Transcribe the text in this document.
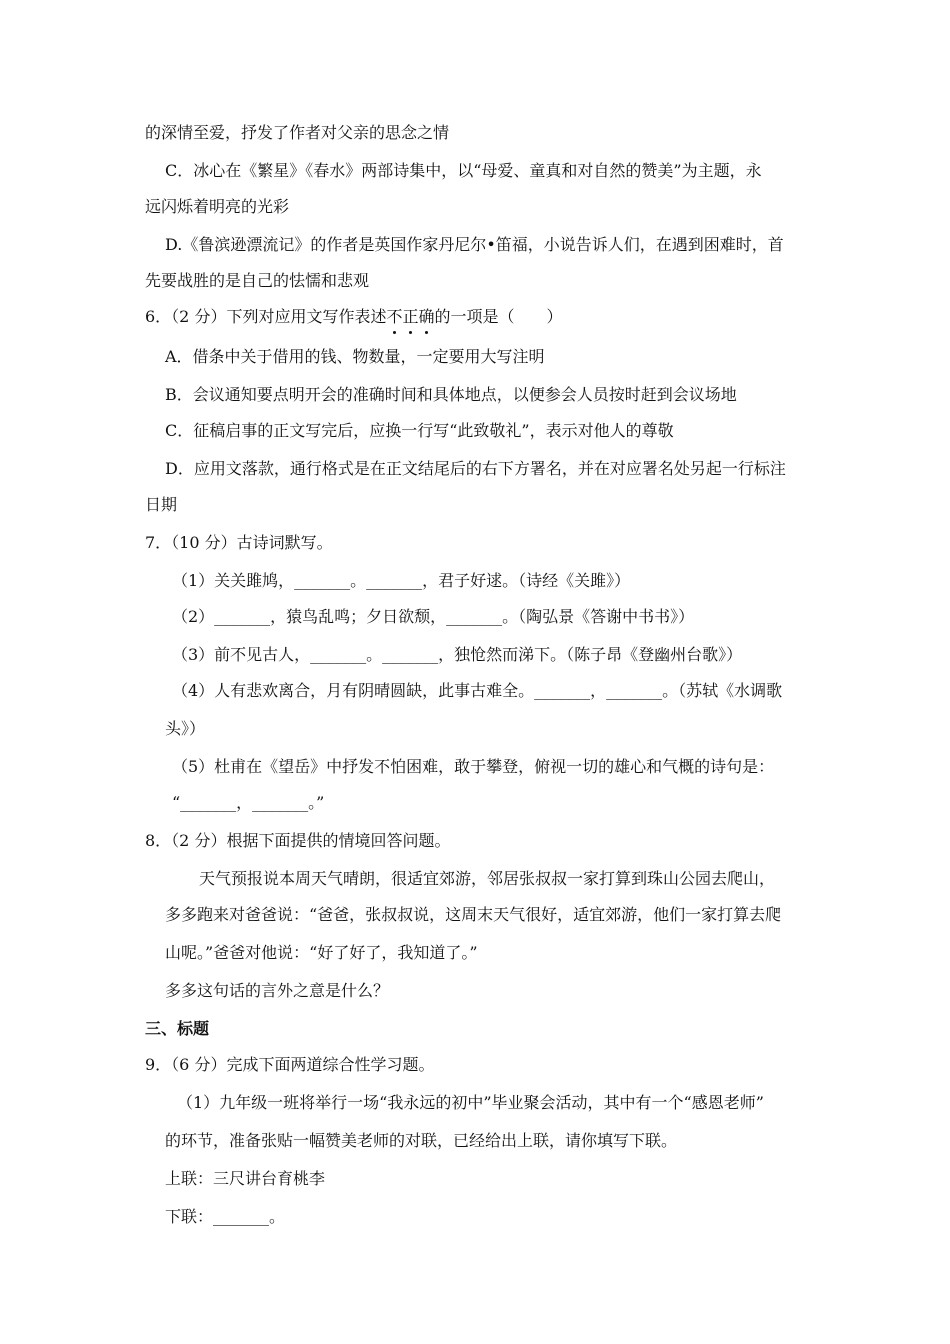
的深情至爱，抒发了作者对父亲的思念之情
C．冰心在《繁星》《春水》两部诗集中，以“母爱、童真和对自然的赞美”为主题，永
远闪烁着明亮的光彩
D.《鲁滨逊漂流记》的作者是英国作家丹尼尔•笛福，小说告诉人们，在遇到困难时，首
先要战胜的是自己的怯懦和悲观
6．（2 分）下列对应用文写作表述不正确的一项是（　　）
A．借条中关于借用的钱、物数量，一定要用大写注明
B．会议通知要点明开会的准确时间和具体地点，以便参会人员按时赶到会议场地
C．征稿启事的正文写完后，应换一行写“此致敬礼”，表示对他人的尊敬
D．应用文落款，通行格式是在正文结尾后的右下方署名，并在对应署名处另起一行标注
日期
7．（10 分）古诗词默写。
（1）关关雎鸠，_______。_______，君子好逑。（诗经《关雎》）
（2）_______，猿鸟乱鸣；夕日欲颓，_______。（陶弘景《答谢中书书》）
（3）前不见古人，_______。_______，独怆然而涕下。（陈子昂《登幽州台歌》）
（4）人有悲欢离合，月有阴晴圆缺，此事古难全。_______，_______。（苏轼《水调歌
头》）
（5）杜甫在《望岳》中抒发不怕困难，敢于攀登，俯视一切的雄心和气概的诗句是：
“_______，_______。”
8．（2 分）根据下面提供的情境回答问题。
天气预报说本周天气晴朗，很适宜郊游，邻居张叔叔一家打算到珠山公园去爬山，
多多跑来对爸爸说：“爸爸，张叔叔说，这周末天气很好，适宜郊游，他们一家打算去爬
山呢。”爸爸对他说：“好了好了，我知道了。”
多多这句话的言外之意是什么？
三、标题
9．（6 分）完成下面两道综合性学习题。
（1）九年级一班将举行一场“我永远的初中”毕业聚会活动，其中有一个“感恩老师”
的环节，准备张贴一幅赞美老师的对联，已经给出上联，请你填写下联。
上联：三尺讲台育桃李
下联：_______。
